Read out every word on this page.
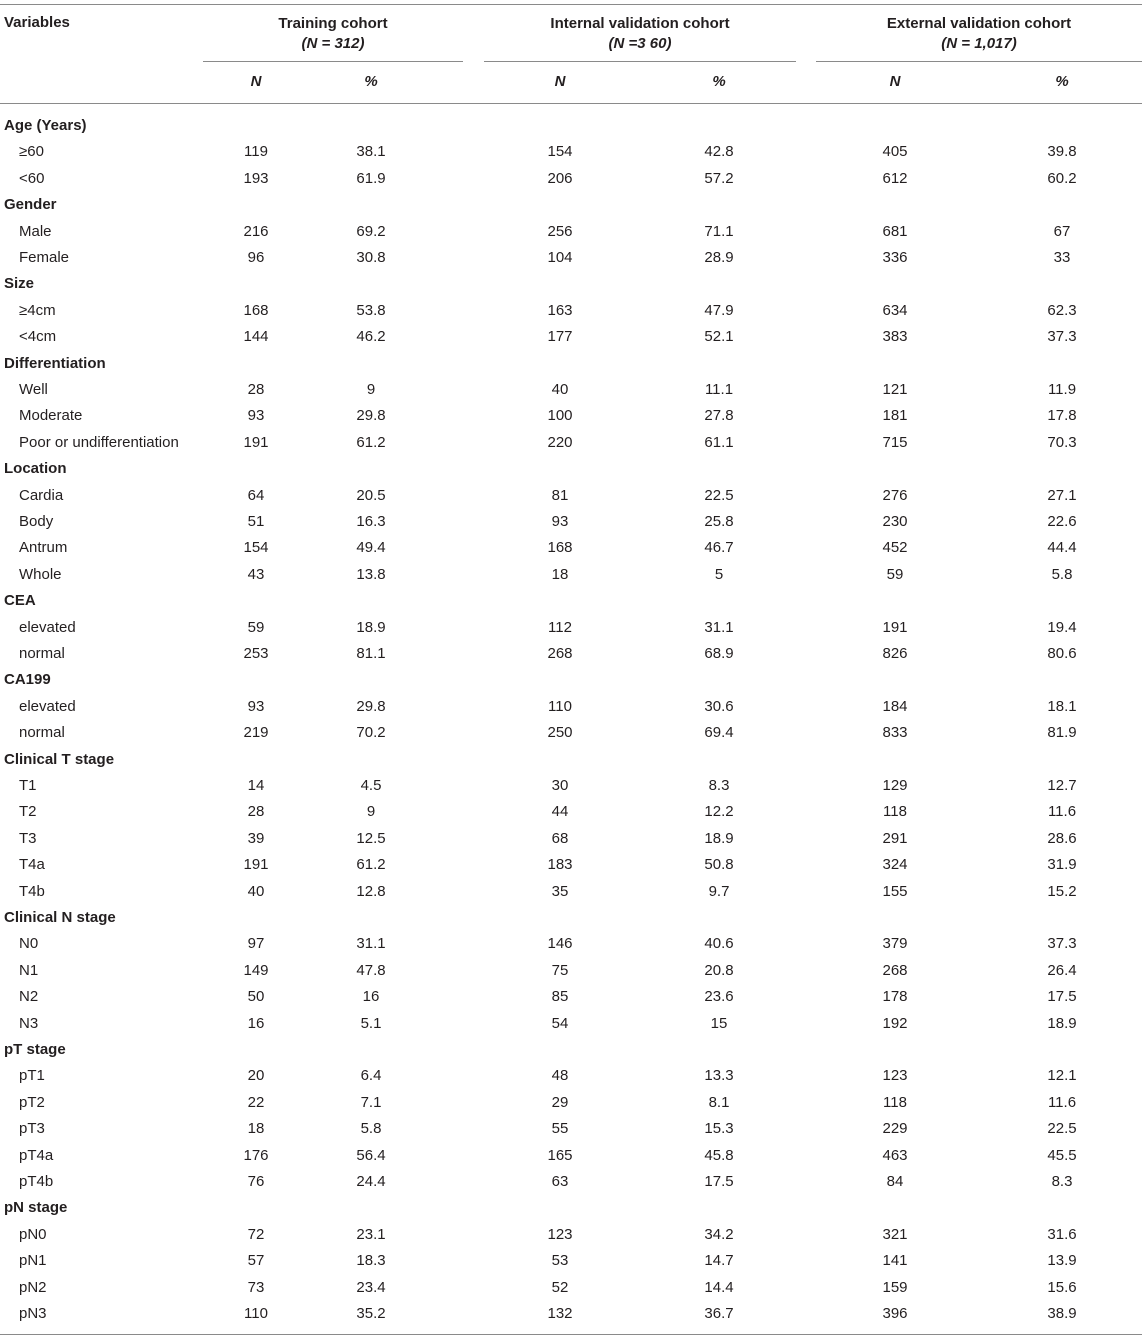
Variables	Training cohort
(N = 312)
Internal validation cohort
(N =3 60)
External validation cohort
(N = 1,017)
N	%	N	%	N	%
Age (Years)
≥60	119	38.1	154	42.8	405	39.8
<60	193	61.9	206	57.2	612	60.2
Gender
Male	216	69.2	256	71.1	681	67
Female	96	30.8	104	28.9	336	33
Size
≥4cm	168	53.8	163	47.9	634	62.3
<4cm	144	46.2	177	52.1	383	37.3
Differentiation
Well	28	9	40	11.1	121	11.9
Moderate	93	29.8	100	27.8	181	17.8
Poor or undifferentiation	191	61.2	220	61.1	715	70.3
Location
Cardia	64	20.5	81	22.5	276	27.1
Body	51	16.3	93	25.8	230	22.6
Antrum	154	49.4	168	46.7	452	44.4
Whole	43	13.8	18	5	59	5.8
CEA
elevated	59	18.9	112	31.1	191	19.4
normal	253	81.1	268	68.9	826	80.6
CA199
elevated	93	29.8	110	30.6	184	18.1
normal	219	70.2	250	69.4	833	81.9
Clinical T stage
T1	14	4.5	30	8.3	129	12.7
T2	28	9	44	12.2	118	11.6
T3	39	12.5	68	18.9	291	28.6
T4a	191	61.2	183	50.8	324	31.9
T4b	40	12.8	35	9.7	155	15.2
Clinical N stage
N0	97	31.1	146	40.6	379	37.3
N1	149	47.8	75	20.8	268	26.4
N2	50	16	85	23.6	178	17.5
N3	16	5.1	54	15	192	18.9
pT stage
pT1	20	6.4	48	13.3	123	12.1
pT2	22	7.1	29	8.1	118	11.6
pT3	18	5.8	55	15.3	229	22.5
pT4a	176	56.4	165	45.8	463	45.5
pT4b	76	24.4	63	17.5	84	8.3
pN stage
pN0	72	23.1	123	34.2	321	31.6
pN1	57	18.3	53	14.7	141	13.9
pN2	73	23.4	52	14.4	159	15.6
pN3	110	35.2	132	36.7	396	38.9
